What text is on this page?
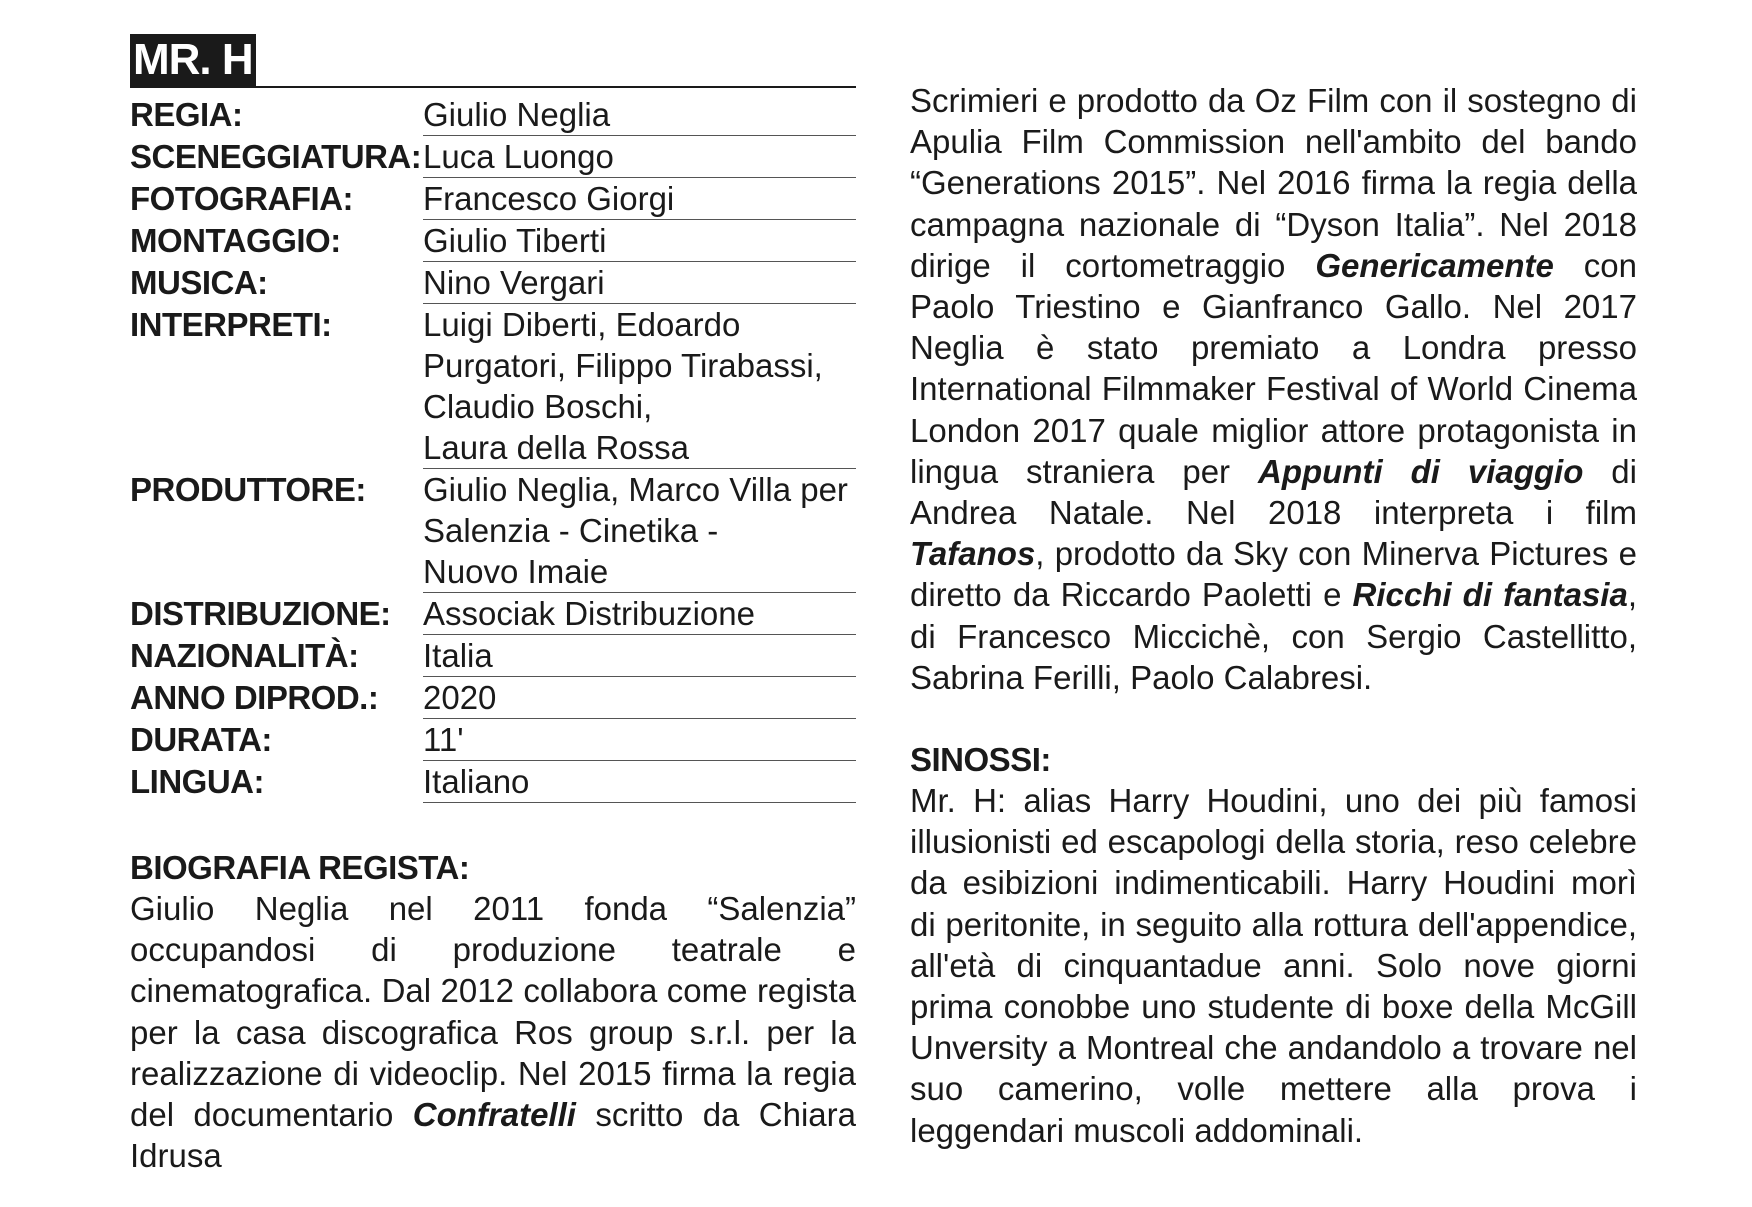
MR. H
REGIA:	Giulio Neglia
SCENEGGIATURA: Luca Luongo
FOTOGRAFIA:	Francesco Giorgi
MONTAGGIO:	Giulio Tiberti
MUSICA:	Nino Vergari
INTERPRETI:	Luigi Diberti, Edoardo
Purgatori, Filippo Tirabassi,
Claudio Boschi,
Laura della Rossa
PRODUTTORE:	Giulio Neglia, Marco Villa per
Salenzia - Cinetika -
Nuovo Imaie
DISTRIBUZIONE: Associak Distribuzione
NAZIONALITÀ:	Italia
ANNO DIPROD.:	2020
DURATA:	11'
LINGUA:	Italiano
BIOGRAFIA REGISTA:

Giulio Neglia nel 2011 fonda “Salenzia” occupandosi di produzione teatrale e cinematografica. Dal 2012 collabora come regista per la casa discografica Ros group s.r.l. per la realizzazione di videoclip. Nel 2015 firma la regia del documentario Confratelli scritto da Chiara Idrusa

Scrimieri e prodotto da Oz Film con il sostegno di Apulia Film Commission nell'ambito del bando “Generations 2015”. Nel 2016 firma la regia della campagna nazionale di “Dyson Italia”. Nel 2018 dirige il cortometraggio Genericamente con Paolo Triestino e Gianfranco Gallo. Nel 2017 Neglia è stato premiato a Londra presso International Filmmaker Festival of World Cinema London 2017 quale miglior attore protagonista in lingua straniera per Appunti di viaggio di Andrea Natale. Nel 2018 interpreta i film Tafanos, prodotto da Sky con Minerva Pictures e diretto da Riccardo Paoletti e Ricchi di fantasia, di Francesco Miccichè, con Sergio Castellitto, Sabrina Ferilli, Paolo Calabresi.

SINOSSI:

Mr. H: alias Harry Houdini, uno dei più famosi illusionisti ed escapologi della storia, reso celebre da esibizioni indimenticabili. Harry Houdini morì di peritonite, in seguito alla rottura dell'appendice, all'età di cinquantadue anni. Solo nove giorni prima conobbe uno studente di boxe della McGill Unversity a Montreal che andandolo a trovare nel suo camerino, volle mettere alla prova i leggendari muscoli addominali.
